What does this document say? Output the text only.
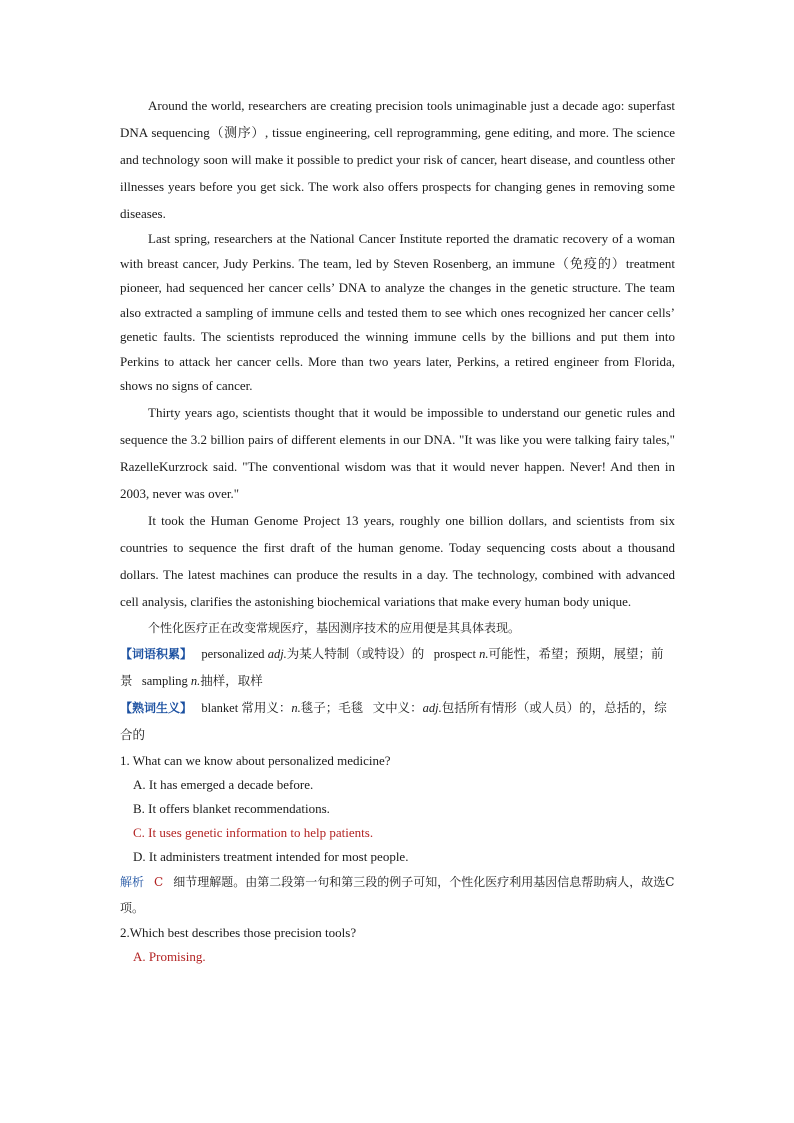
Around the world, researchers are creating precision tools unimaginable just a decade ago: superfast DNA sequencing（测序）, tissue engineering, cell reprogramming, gene editing, and more. The science and technology soon will make it possible to predict your risk of cancer, heart disease, and countless other illnesses years before you get sick. The work also offers prospects for changing genes in removing some diseases.

Last spring, researchers at the National Cancer Institute reported the dramatic recovery of a woman with breast cancer, Judy Perkins. The team, led by Steven Rosenberg, an immune（免疫的）treatment pioneer, had sequenced her cancer cells’ DNA to analyze the changes in the genetic structure. The team also extracted a sampling of immune cells and tested them to see which ones recognized her cancer cells’ genetic faults. The scientists reproduced the winning immune cells by the billions and put them into Perkins to attack her cancer cells. More than two years later, Perkins, a retired engineer from Florida, shows no signs of cancer.

Thirty years ago, scientists thought that it would be impossible to understand our genetic rules and sequence the 3.2 billion pairs of different elements in our DNA. "It was like you were talking fairy tales," RazelleKurzrock said. "The conventional wisdom was that it would never happen. Never! And then in 2003, never was over."

It took the Human Genome Project 13 years, roughly one billion dollars, and scientists from six countries to sequence the first draft of the human genome. Today sequencing costs about a thousand dollars. The latest machines can produce the results in a day. The technology, combined with advanced cell analysis, clarifies the astonishing biochemical variations that make every human body unique.

个性化医疗正在改变常规医疗，基因测序技术的应用便是其具体表现。

【词语积累】 personalized adj.为某人特制（或特设）的 prospect n.可能性，希望；预期，展望；前景 sampling n.抽样，取样

【熟词生义】 blanket 常用义：n.毯子；毛毯 文中义：adj.包括所有情形（或人员）的，总括的，综合的

1. What can we know about personalized medicine?

A. It has emerged a decade before.

B. It offers blanket recommendations.

C. It uses genetic information to help patients.

D. It administers treatment intended for most people.

解析 C 细节理解题。由第二段第一句和第三段的例子可知，个性化医疗利用基因信息帮助病人，故选C项。

2.Which best describes those precision tools?

A. Promising.
